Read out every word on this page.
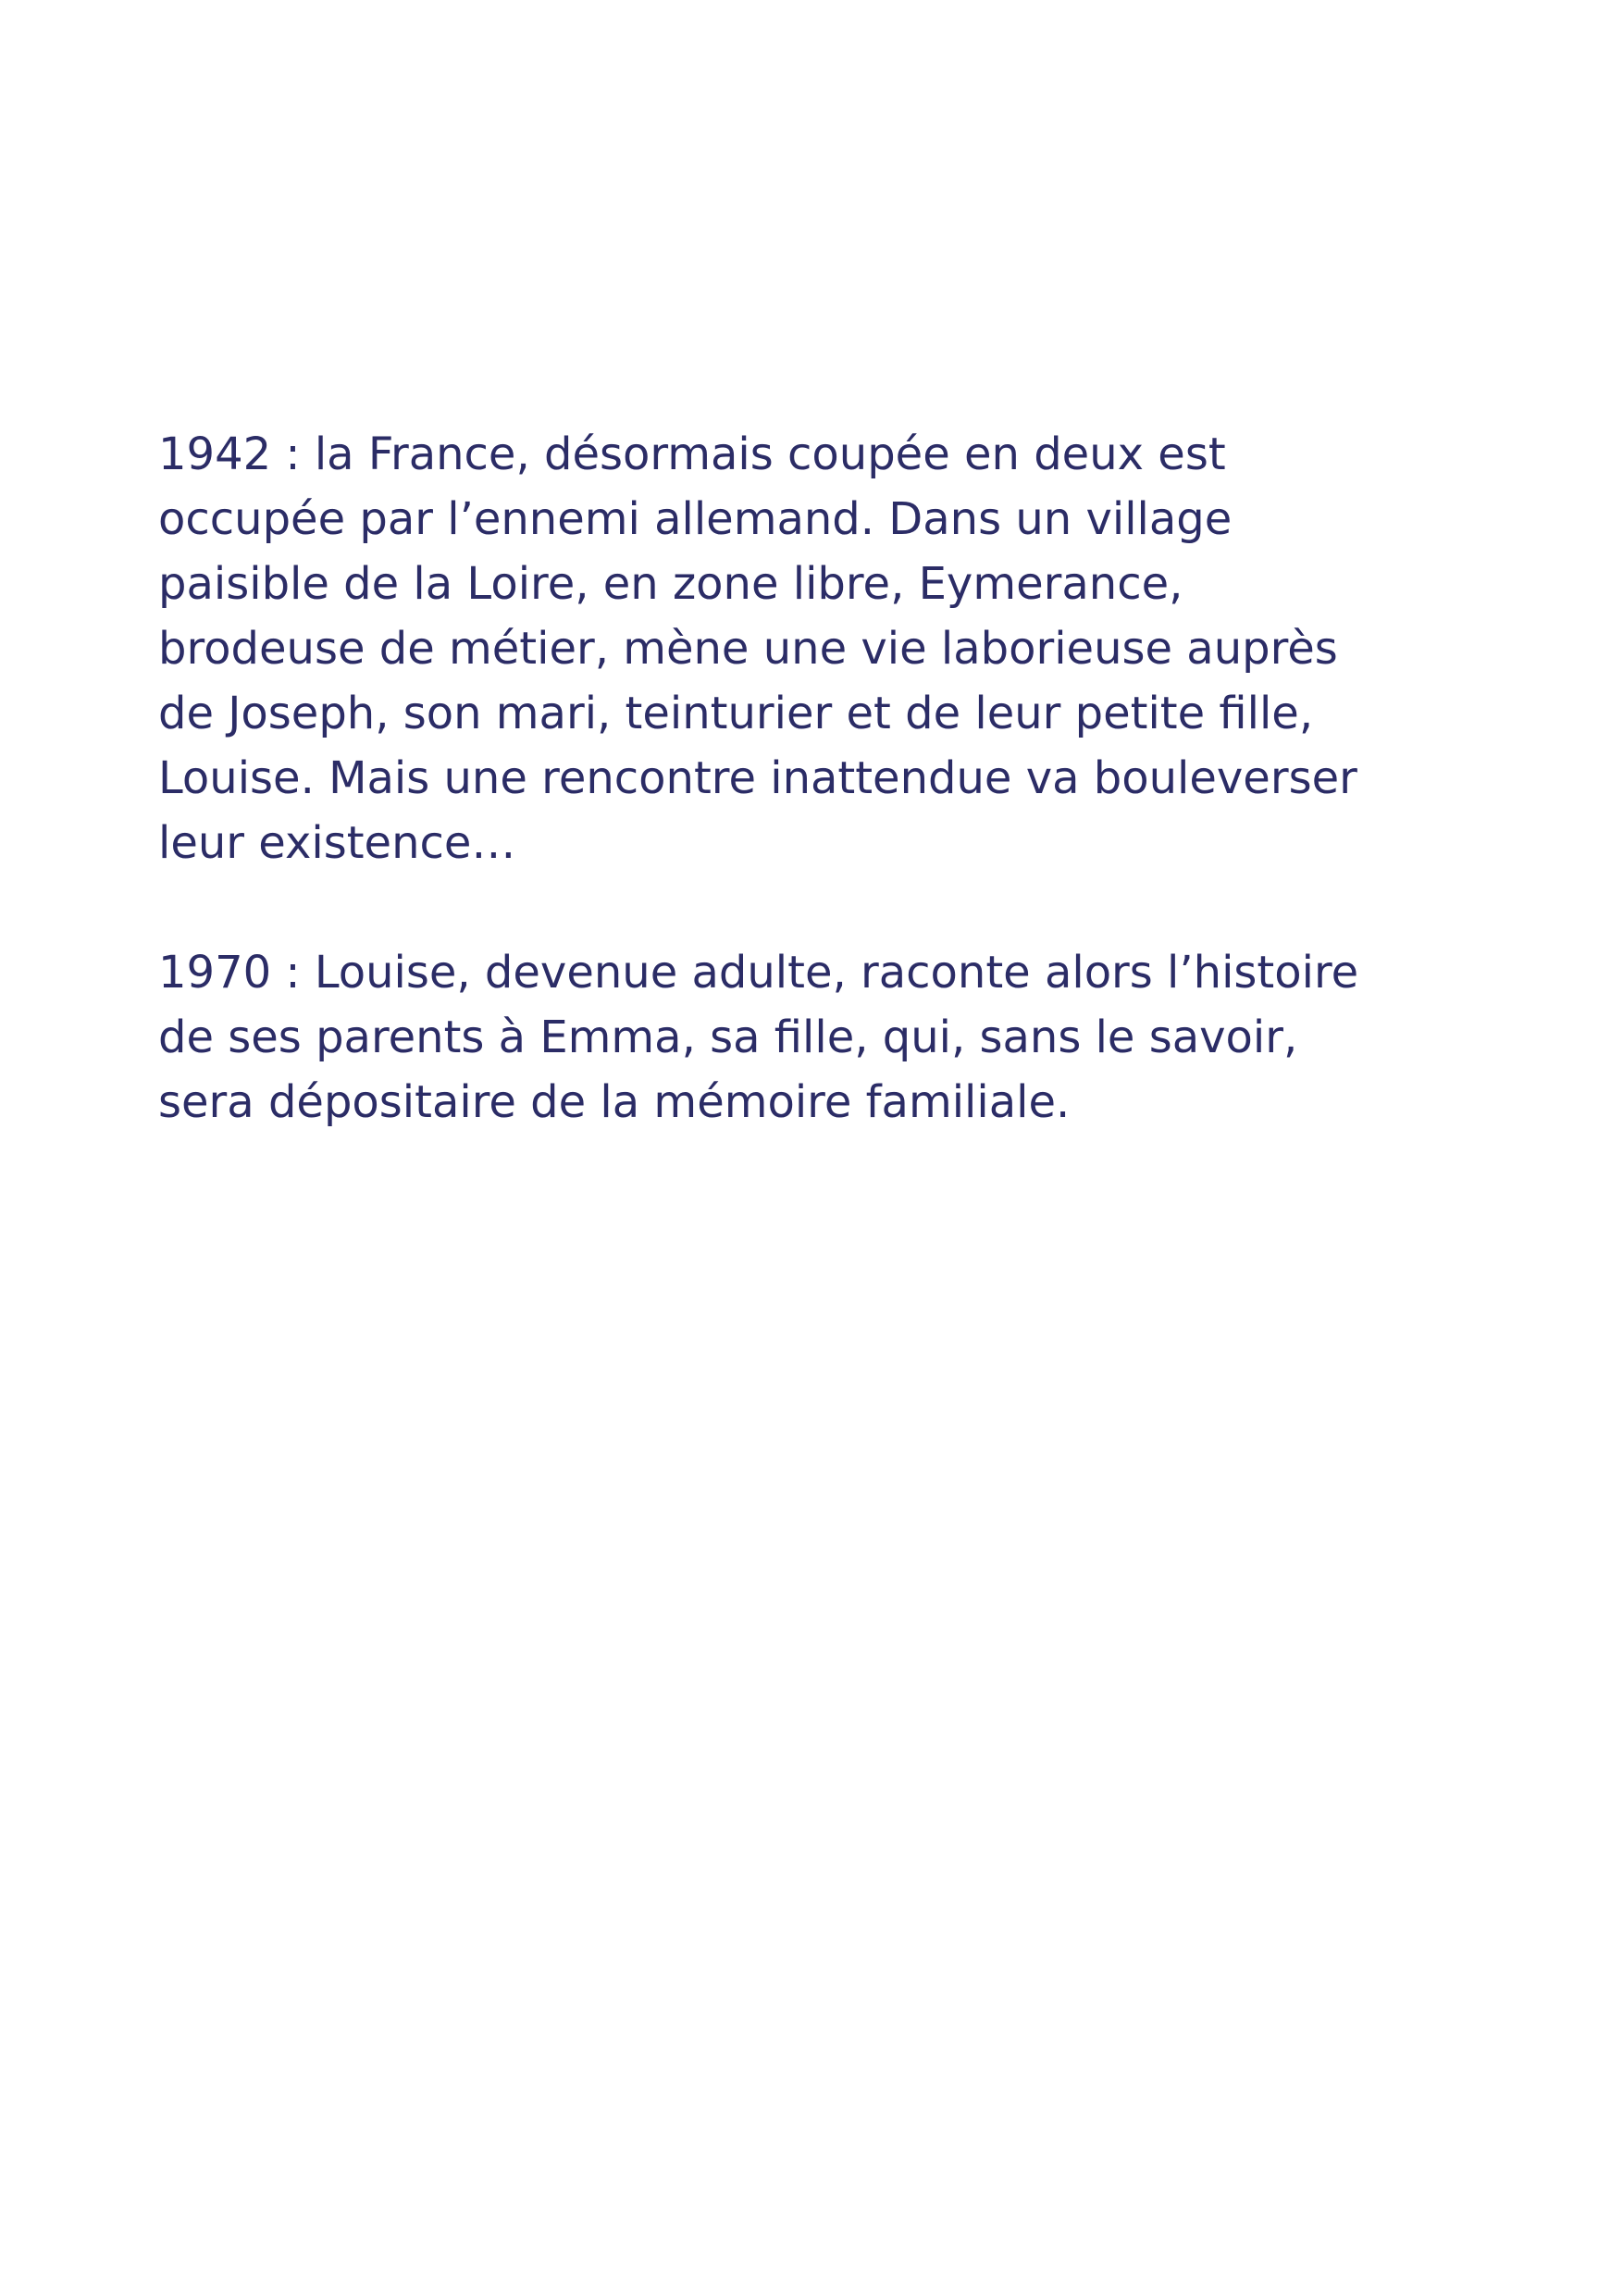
1942 : la France, désormais coupée en deux est
occupée par l’ennemi allemand. Dans un village
paisible de la Loire, en zone libre, Eymerance,
brodeuse de métier, mène une vie laborieuse auprès
de Joseph, son mari, teinturier et de leur petite fille,
Louise. Mais une rencontre inattendue va bouleverser
leur existence…

1970 : Louise, devenue adulte, raconte alors l’histoire
de ses parents à Emma, sa fille, qui, sans le savoir,
sera dépositaire de la mémoire familiale.
